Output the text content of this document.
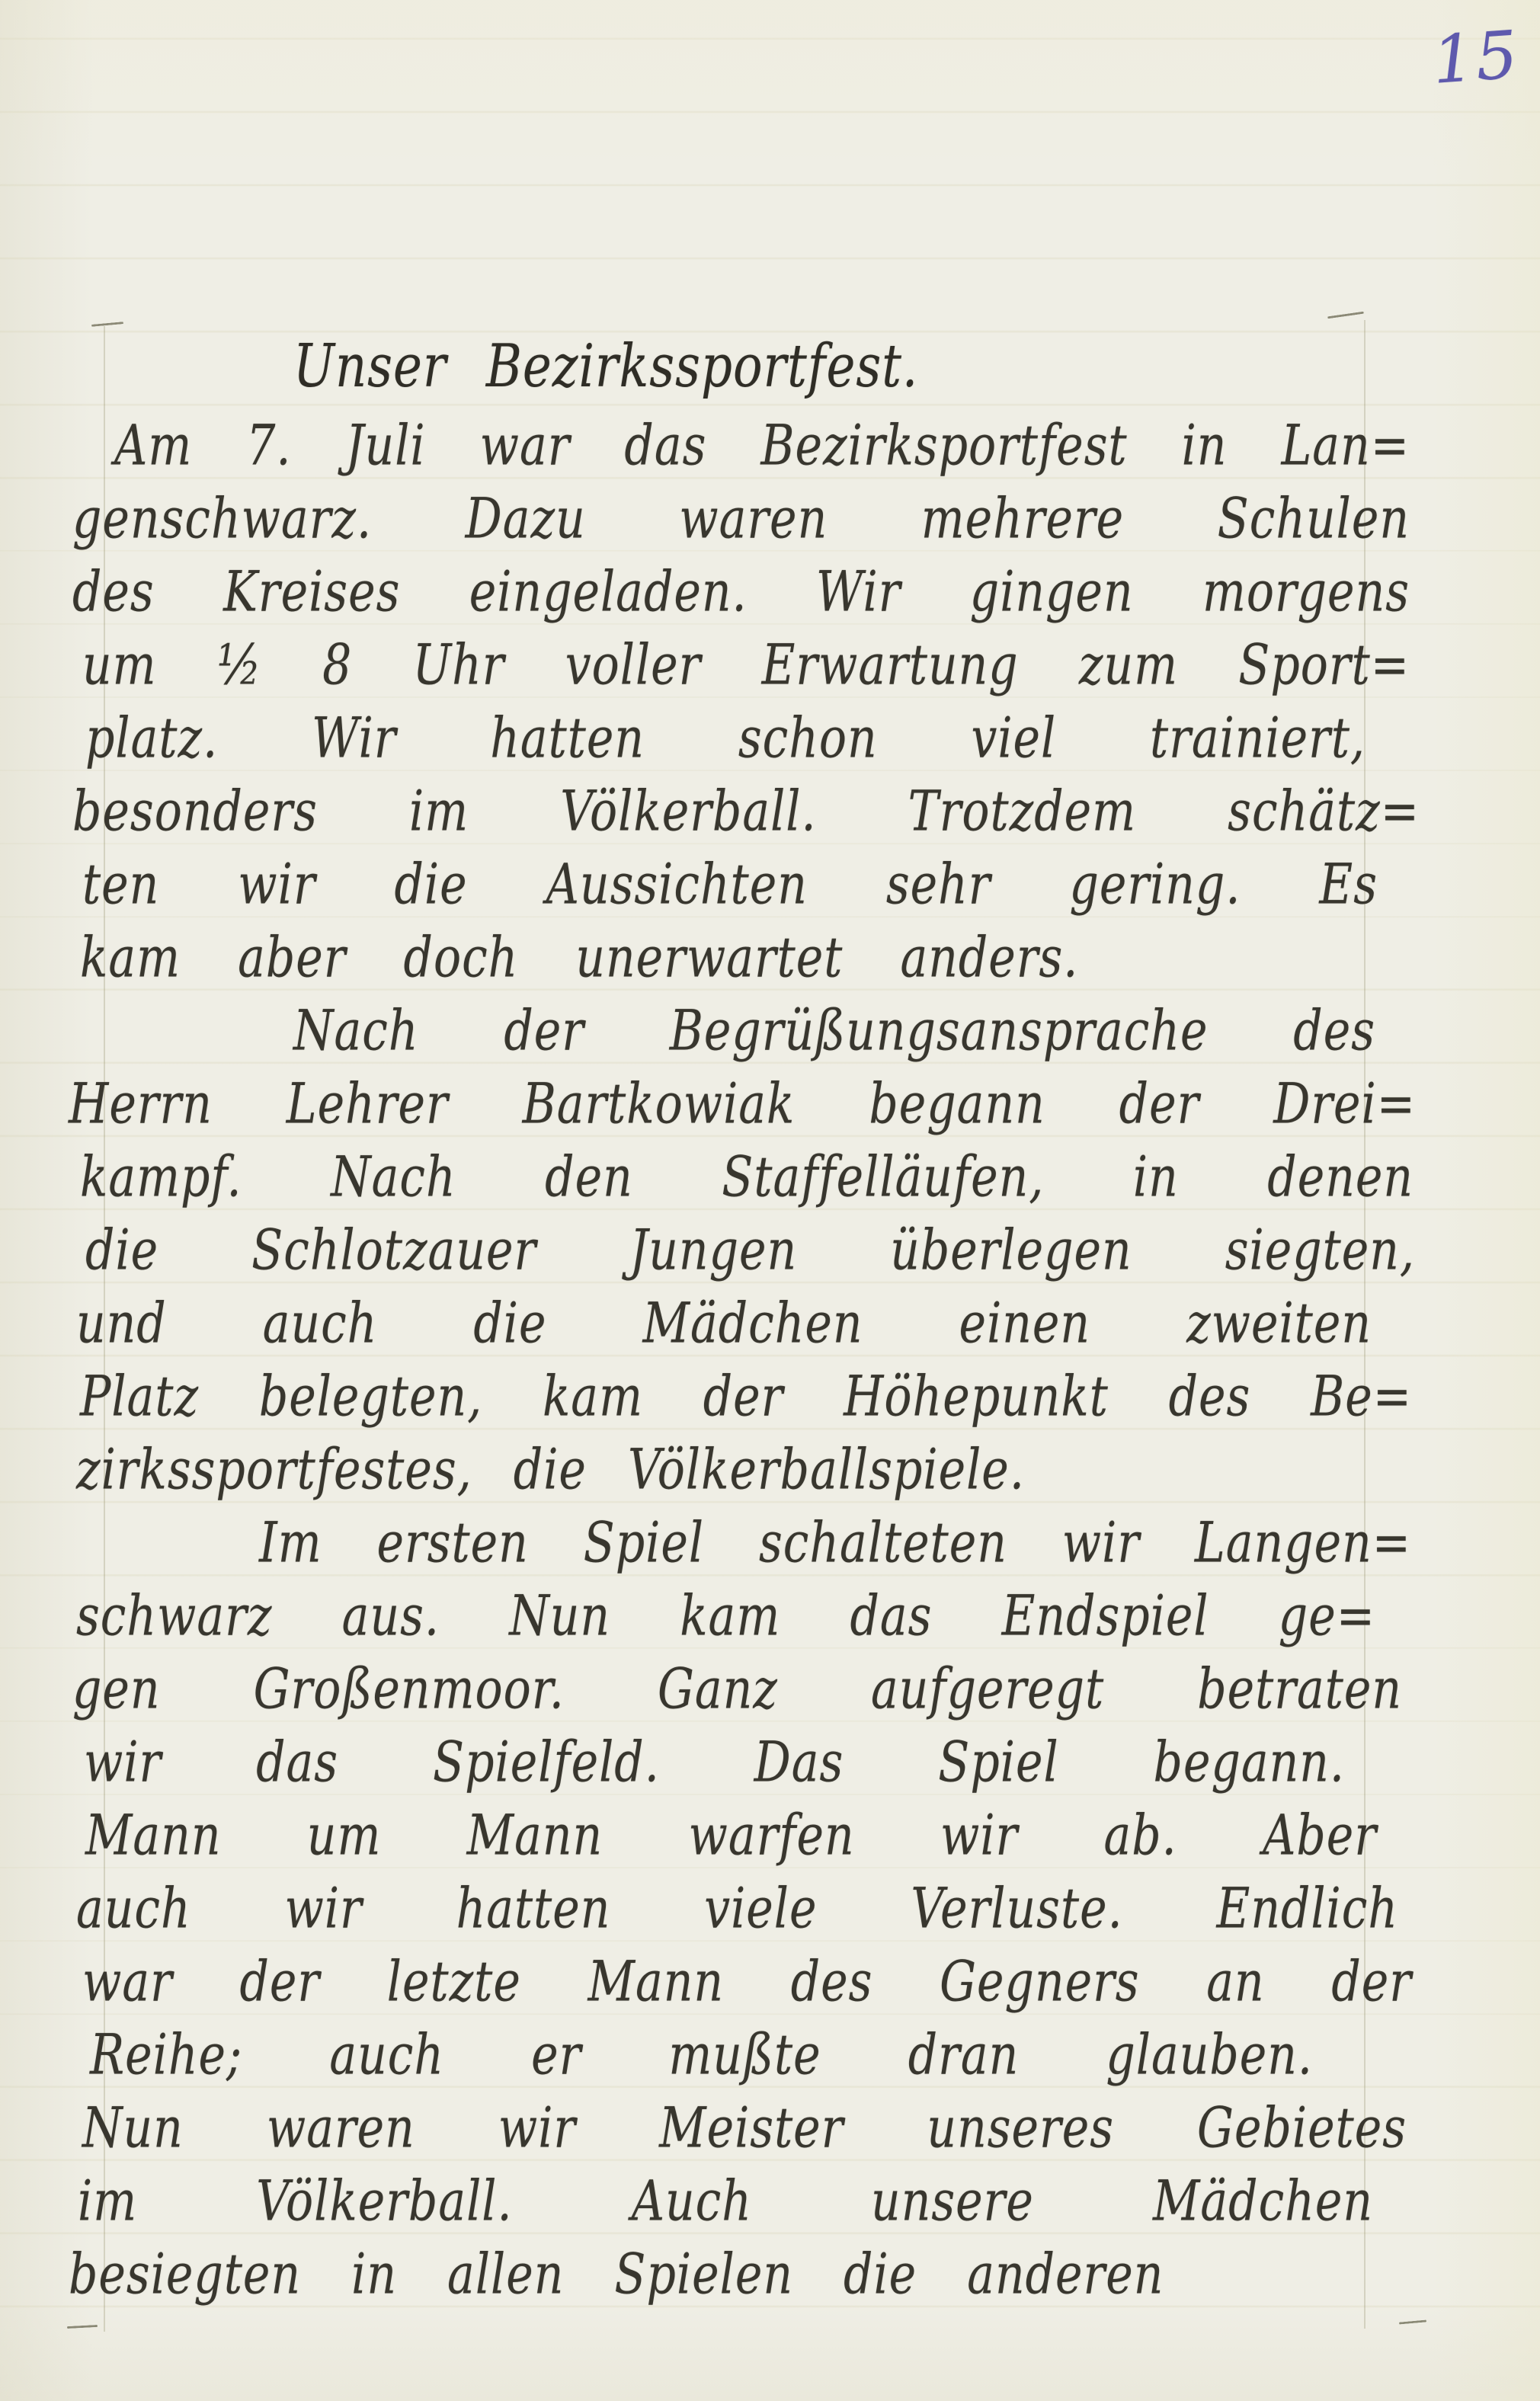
15
Unser Bezirkssportfest.
Am 7. Juli war das Bezirksportfest in Lan=
genschwarz. Dazu waren mehrere Schulen
des Kreises eingeladen. Wir gingen morgens
um ½ 8 Uhr voller Erwartung zum Sport=
platz. Wir hatten schon viel trainiert,
besonders im Völkerball. Trotzdem schätz=
ten wir die Aussichten sehr gering. Es
kam aber doch unerwartet anders.
Nach der Begrüßungsansprache des
Herrn Lehrer Bartkowiak begann der Drei=
kampf. Nach den Staffelläufen, in denen
die Schlotzauer Jungen überlegen siegten,
und auch die Mädchen einen zweiten
Platz belegten, kam der Höhepunkt des Be=
zirkssportfestes, die Völkerballspiele.
Im ersten Spiel schalteten wir Langen=
schwarz aus. Nun kam das Endspiel ge=
gen Großenmoor. Ganz aufgeregt betraten
wir das Spielfeld. Das Spiel begann.
Mann um Mann warfen wir ab. Aber
auch wir hatten viele Verluste. Endlich
war der letzte Mann des Gegners an der
Reihe; auch er mußte dran glauben.
Nun waren wir Meister unseres Gebietes
im Völkerball. Auch unsere Mädchen
besiegten in allen Spielen die anderen
